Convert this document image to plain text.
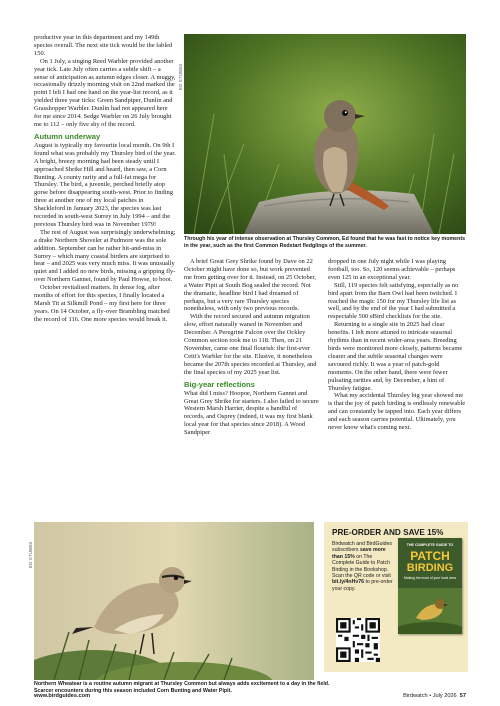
productive year in this department and my 149th species overall. The next site tick would be the fabled 150.

On 1 July, a singing Reed Warbler provided another year tick. Late July often carries a subtle shift – a sense of anticipation as autumn edges closer. A muggy, occasionally drizzly morning visit on 22nd marked the point I felt I had one hand on the year-list record, as it yielded three year ticks: Green Sandpiper, Dunlin and Grasshopper Warbler. Dunlin had not appeared here for me since 2014. Sedge Warbler on 26 July brought me to 112 – only five shy of the record.

Autumn underway

August is typically my favourite local month. On 9th I found what was probably my Thursley bird of the year. A bright, breezy morning had been steady until I approached Shrike Hill and heard, then saw, a Corn Bunting. A county rarity and a full-fat mega for Thursley. The bird, a juvenile, perched briefly atop gorse before disappearing south-west. Prior to finding three at another one of my local patches in Shackleford in January 2023, the species was last recorded in south-west Surrey in July 1994 – and the previous Thursley bird was in November 1979!

The rest of August was surprisingly underwhelming; a drake Northern Shoveler at Pudmore was the sole addition. September can be rather hit-and-miss in Surrey – which many coastal birders are surprised to hear – and 2025 was very much miss. It was unusually quiet and I added no new birds, missing a gripping fly-over Northern Gannet, found by Paul Howse, to boot.

October revitalised matters. In dense fog, after months of effort for this species, I finally located a Marsh Tit at Silkmill Pond – my first here for three years. On 14 October, a fly-over Brambling matched the record of 116. One more species would break it.

ED STUBBS
Through his year of intense observation at Thursley Common, Ed found that he was fast to notice key moments in the year, such as the first Common Redstart fledglings of the summer.

A brief Great Grey Shrike found by Dave on 22 October might have done so, but work prevented me from getting over for it. Instead, on 25 October, a Water Pipit at South Bog sealed the record. Not the dramatic, headline bird I had dreamed of perhaps, but a very rare Thursley species nonetheless, with only two previous records.

With the record secured and autumn migration slow, effort naturally waned in November and December. A Peregrine Falcon over the Ockley Common section took me to 118. Then, on 21 November, came one final flourish: the first-ever Cetti's Warbler for the site. Elusive, it nonetheless became the 207th species recorded at Thursley, and the final species of my 2025 year list.

Big-year reflections

What did I miss? Hoopoe, Northern Gannet and Great Grey Shrike for starters. I also failed to secure Western Marsh Harrier, despite a handful of records, and Osprey (indeed, it was my first blank local year for that species since 2018). A Wood Sandpiper

dropped in one July night while I was playing football, too. So, 120 seems achievable – perhaps even 125 in an exceptional year.

Still, 119 species felt satisfying, especially as no bird apart from the Barn Owl had been twitched. I reached the magic 150 for my Thursley life list as well, and by the end of the year I had submitted a respectable 500 eBird checklists for the site.

Returning to a single site in 2025 had clear benefits. I felt more attuned to intricate seasonal rhythms than in recent wider-area years. Breeding birds were monitored more closely, patterns became clearer and the subtle seasonal changes were savoured richly. It was a year of patch-gold moments. On the other hand, there were fewer pulsating rarities and, by December, a hint of Thursley fatigue.

What my accidental Thursley big year showed me is that the joy of patch birding is endlessly renewable and can constantly be tapped into. Each year differs and each season carries potential. Ultimately, you never know what's coming next.

ED STUBBS
Northern Wheatear is a routine autumn migrant at Thursley Common but always adds excitement to a day in the field. Scarcer encounters during this season included Corn Bunting and Water Pipit.
PRE-ORDER AND SAVE 15%
Birdwatch and BirdGuides subscribers save more than 15% on The Complete Guide to Patch Birding in the Bookshop. Scan the QR code or visit bit.ly/4nHv76 to pre-order your copy.
THE COMPLETE GUIDE TO
PATCH
BIRDING
Making the most of your local area
www.birdguides.com	Birdwatch • July 2026 57
